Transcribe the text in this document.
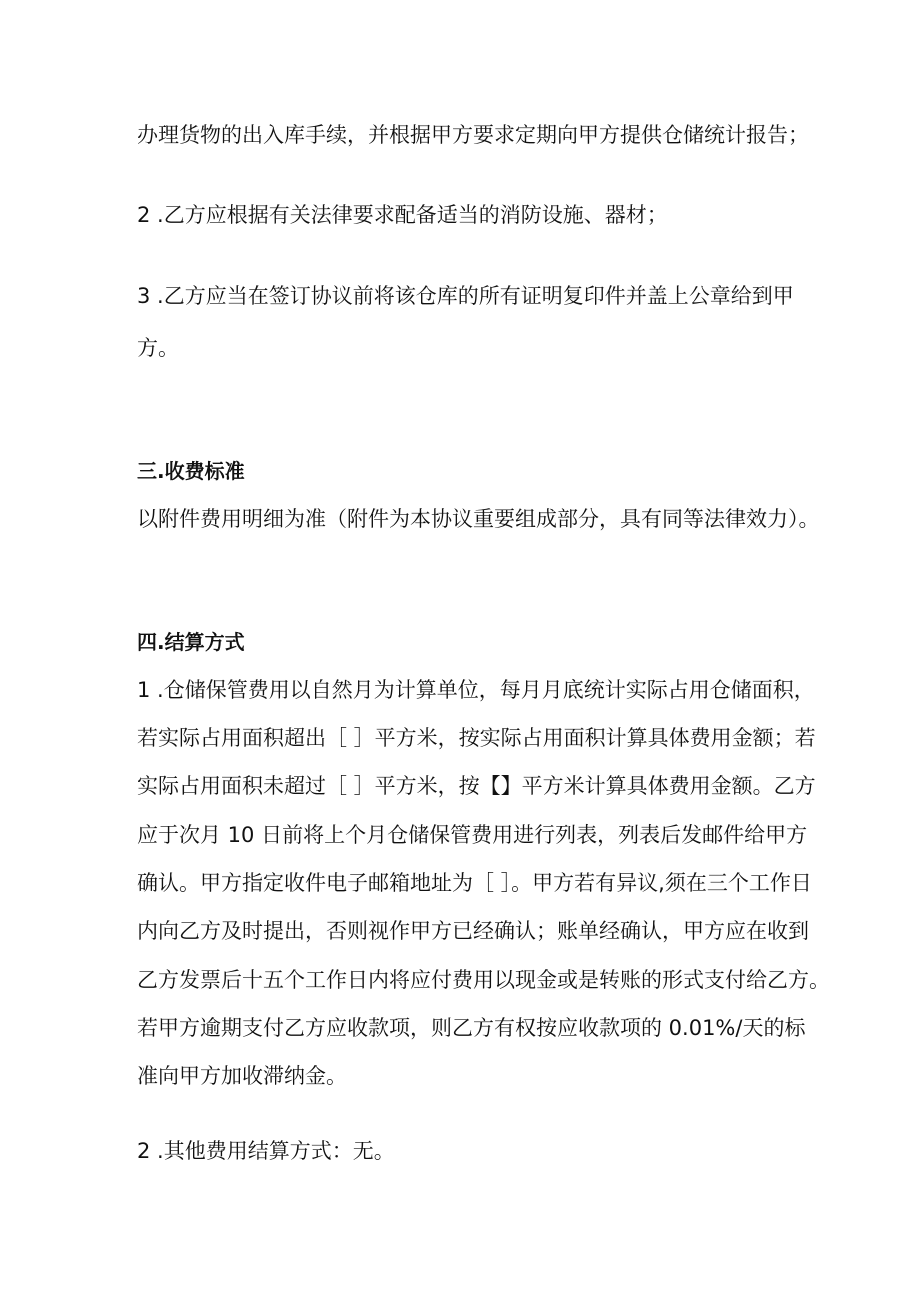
办理货物的出入库手续，并根据甲方要求定期向甲方提供仓储统计报告；
2 .乙方应根据有关法律要求配备适当的消防设施、器材；
3 .乙方应当在签订协议前将该仓库的所有证明复印件并盖上公章给到甲
方。
三.收费标准
以附件费用明细为准（附件为本协议重要组成部分，具有同等法律效力）。
四.结算方式
1 .仓储保管费用以自然月为计算单位，每月月底统计实际占用仓储面积，
若实际占用面积超出［ ］平方米，按实际占用面积计算具体费用金额；若
实际占用面积未超过［ ］平方米，按【】平方米计算具体费用金额。乙方
应于次月 10 日前将上个月仓储保管费用进行列表，列表后发邮件给甲方
确认。甲方指定收件电子邮箱地址为［ ］。甲方若有异议,须在三个工作日
内向乙方及时提出，否则视作甲方已经确认；账单经确认，甲方应在收到
乙方发票后十五个工作日内将应付费用以现金或是转账的形式支付给乙方。
若甲方逾期支付乙方应收款项，则乙方有权按应收款项的 0.01%/天的标
准向甲方加收滞纳金。
2 .其他费用结算方式：无。
